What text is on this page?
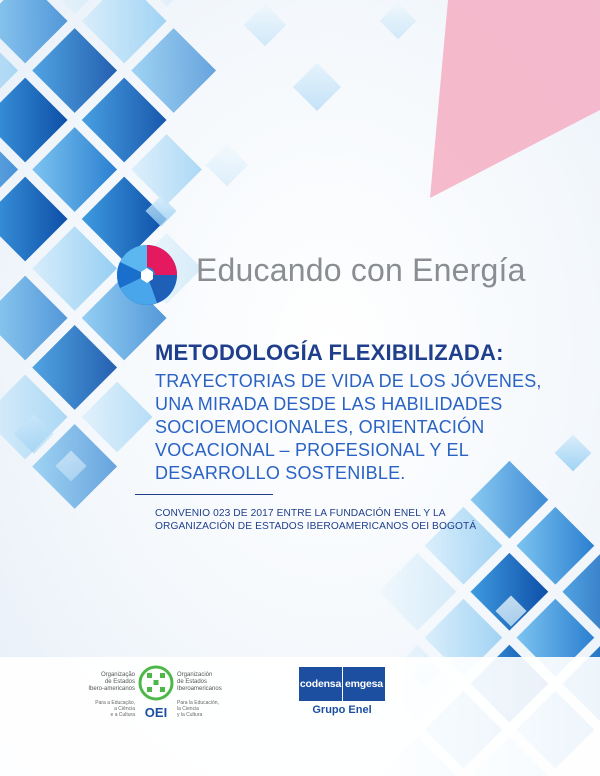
Educando con Energía
METODOLOGÍA FLEXIBILIZADA:

TRAYECTORIAS DE VIDA DE LOS JÓVENES,
UNA MIRADA DESDE LAS HABILIDADES
SOCIOEMOCIONALES, ORIENTACIÓN
VOCACIONAL – PROFESIONAL Y EL
DESARROLLO SOSTENIBLE.

CONVENIO 023 DE 2017 ENTRE LA FUNDACIÓN ENEL Y LA
ORGANIZACIÓN DE ESTADOS IBEROAMERICANOS OEI BOGOTÁ
Organização
de Estados
Ibero-americanos
Para a Educação,
a Ciência
e a Cultura OEI
Organización
de Estados
Iberoamericanos
Para la Educación,
la Ciencia
y la Cultura
codensa emgesa
Grupo Enel
